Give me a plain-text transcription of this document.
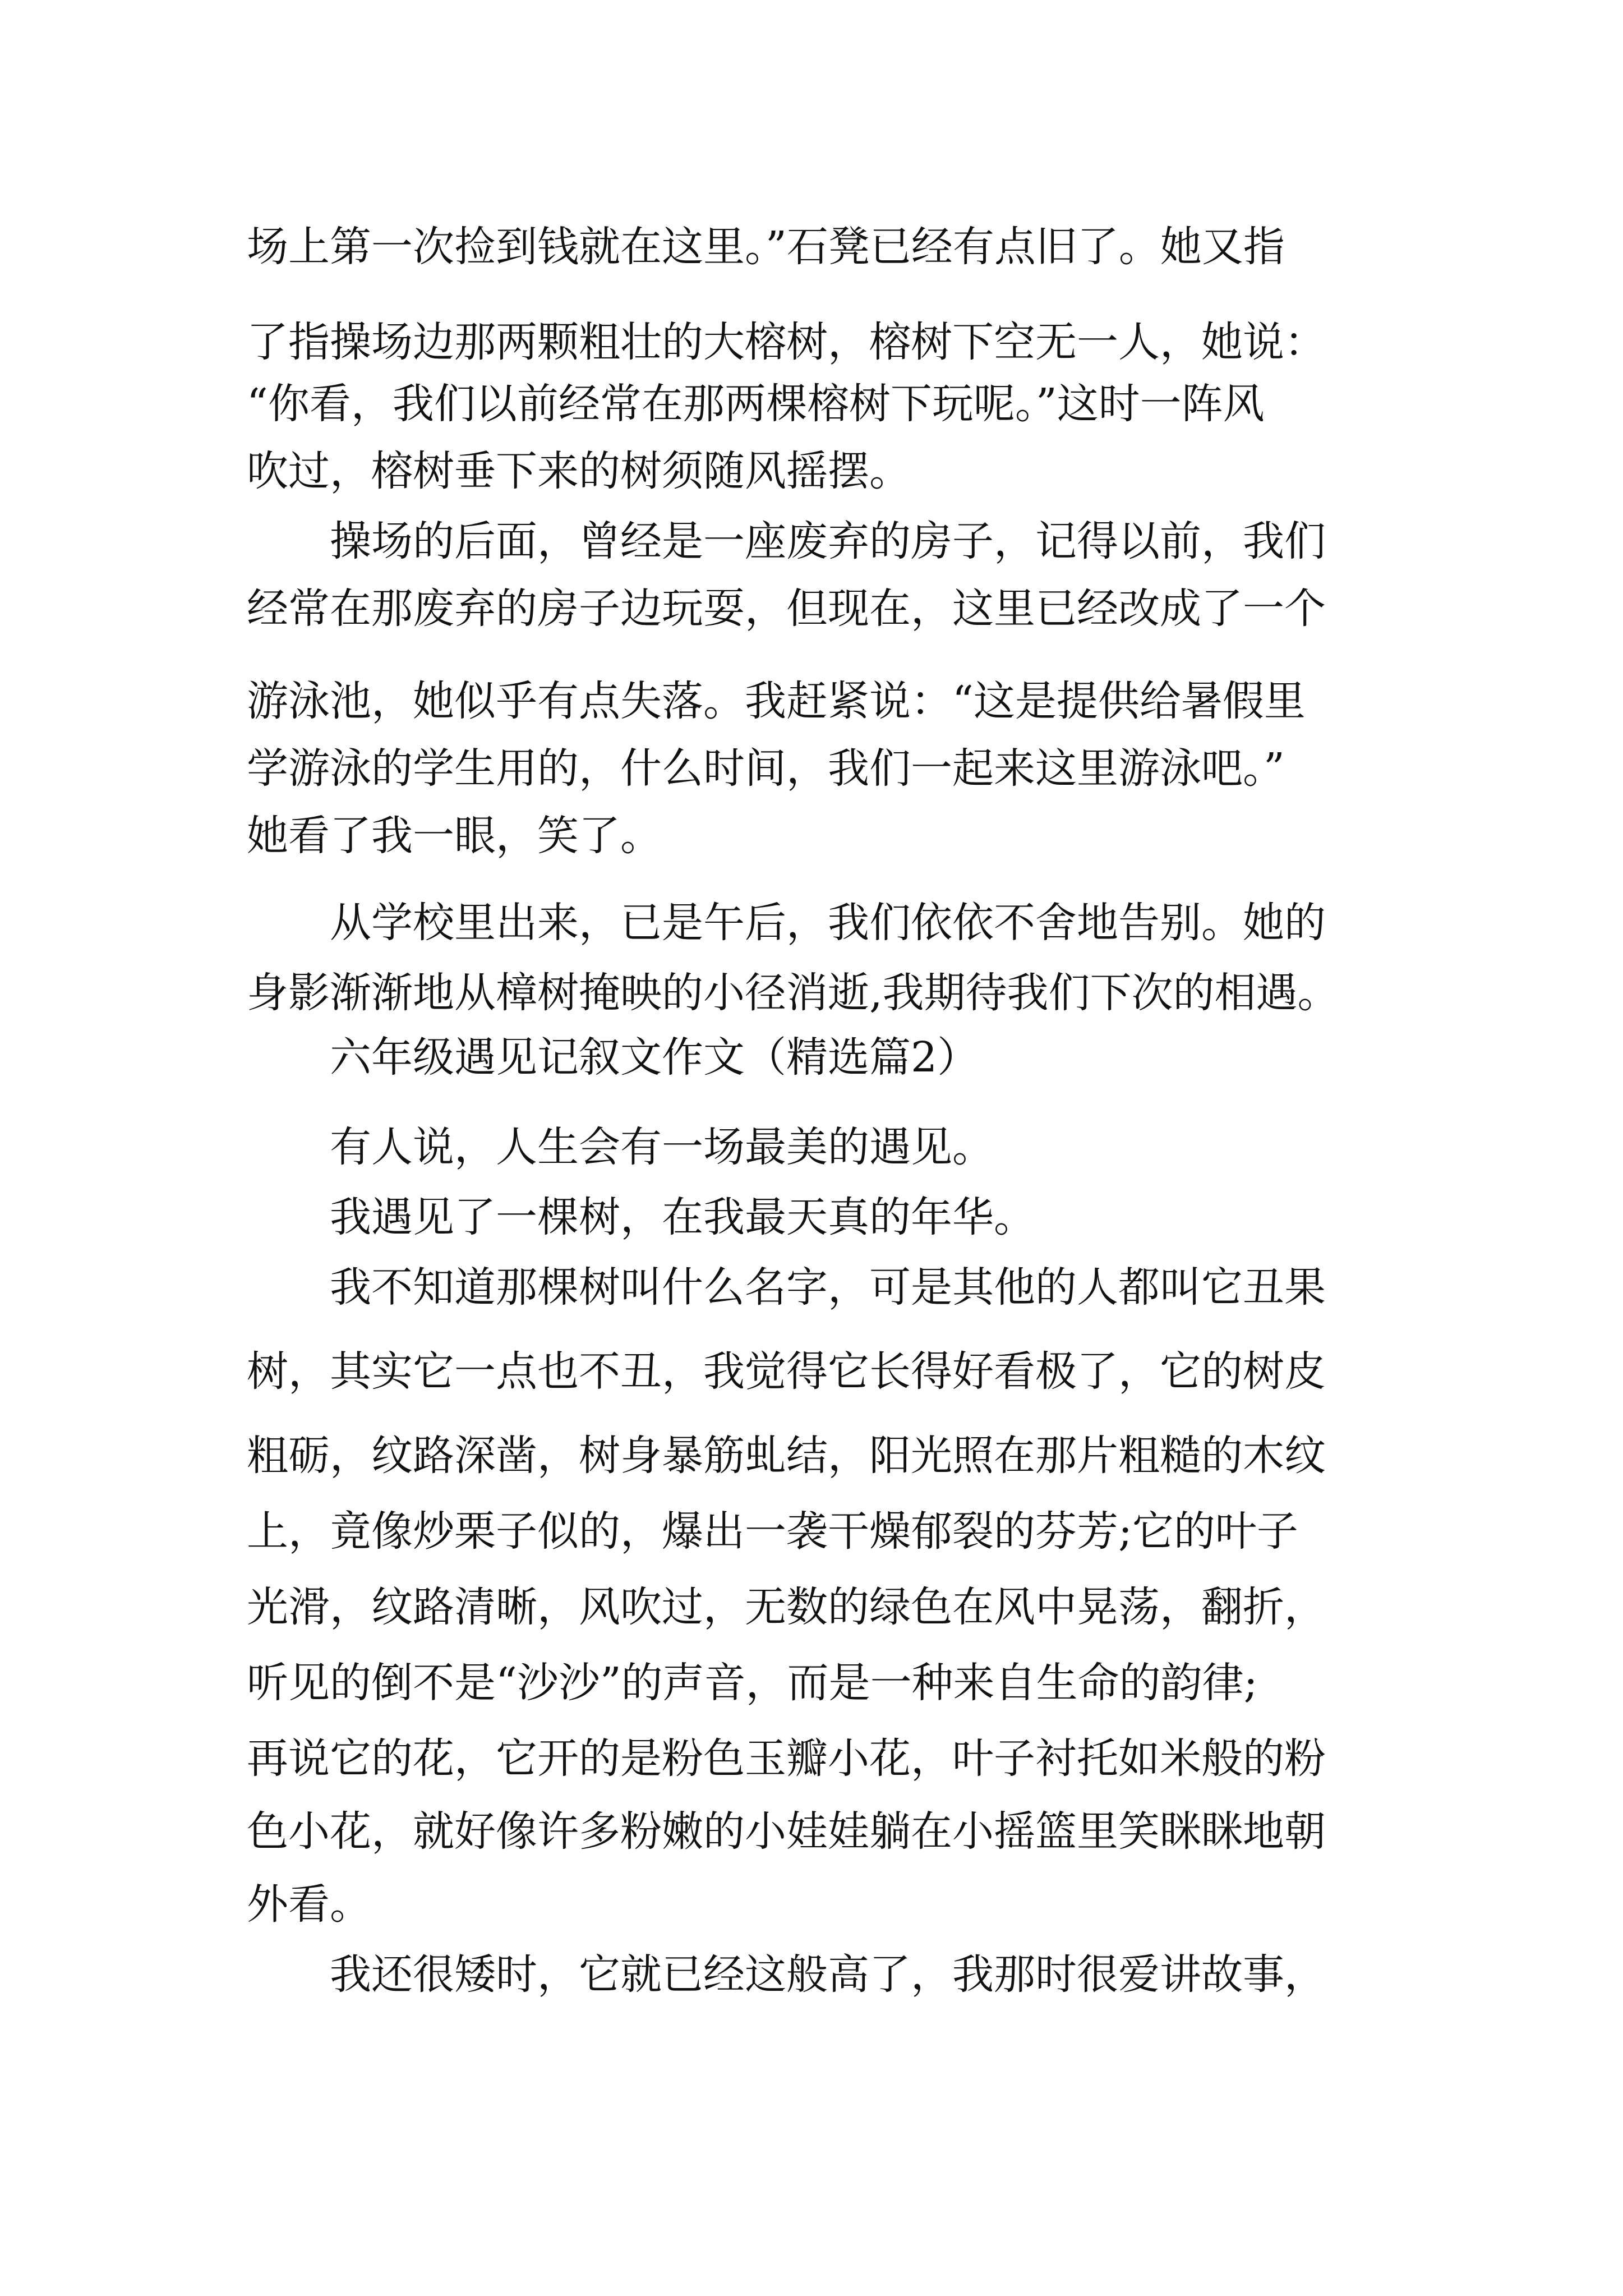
场上第一次捡到钱就在这里。”石凳已经有点旧了。她又指

了指操场边那两颗粗壮的大榕树，榕树下空无一人，她说：

“你看，我们以前经常在那两棵榕树下玩呢。”这时一阵风

吹过，榕树垂下来的树须随风摇摆。

操场的后面，曾经是一座废弃的房子，记得以前，我们

经常在那废弃的房子边玩耍，但现在，这里已经改成了一个

游泳池，她似乎有点失落。我赶紧说：“这是提供给暑假里

学游泳的学生用的，什么时间，我们一起来这里游泳吧。”

她看了我一眼，笑了。

从学校里出来，已是午后，我们依依不舍地告别。她的

身影渐渐地从樟树掩映的小径消逝,我期待我们下次的相遇。

六年级遇见记叙文作文（精选篇2）

有人说，人生会有一场最美的遇见。

我遇见了一棵树，在我最天真的年华。

我不知道那棵树叫什么名字，可是其他的人都叫它丑果

树，其实它一点也不丑，我觉得它长得好看极了，它的树皮

粗砺，纹路深凿，树身暴筋虬结，阳光照在那片粗糙的木纹

上，竟像炒栗子似的，爆出一袭干燥郁裂的芬芳;它的叶子

光滑，纹路清晰，风吹过，无数的绿色在风中晃荡，翻折，

听见的倒不是“沙沙”的声音，而是一种来自生命的韵律;

再说它的花，它开的是粉色玉瓣小花，叶子衬托如米般的粉

色小花，就好像许多粉嫩的小娃娃躺在小摇篮里笑眯眯地朝

外看。

我还很矮时，它就已经这般高了，我那时很爱讲故事，
